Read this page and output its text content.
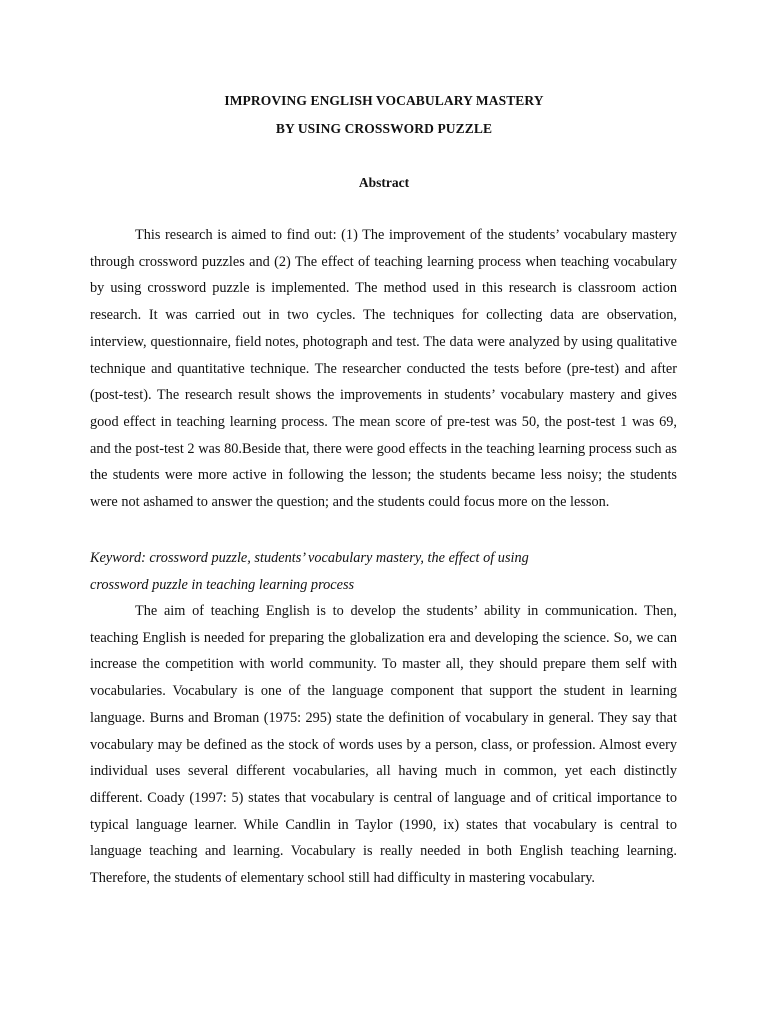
IMPROVING ENGLISH VOCABULARY MASTERY
BY USING CROSSWORD PUZZLE
Abstract

This research is aimed to find out: (1) The improvement of the students’ vocabulary mastery through crossword puzzles and (2) The effect of teaching learning process when teaching vocabulary by using crossword puzzle is implemented. The method used in this research is classroom action research. It was carried out in two cycles. The techniques for collecting data are observation, interview, questionnaire, field notes, photograph and test. The data were analyzed by using qualitative technique and quantitative technique. The researcher conducted the tests before (pre-test) and after (post-test). The research result shows the improvements in students’ vocabulary mastery and gives good effect in teaching learning process. The mean score of pre-test was 50, the post-test 1 was 69, and the post-test 2 was 80.Beside that, there were good effects in the teaching learning process such as the students were more active in following the lesson; the students became less noisy; the students were not ashamed to answer the question; and the students could focus more on the lesson.

Keyword: crossword puzzle, students’ vocabulary mastery, the effect of using
crossword puzzle in teaching learning process

The aim of teaching English is to develop the students’ ability in communication. Then, teaching English is needed for preparing the globalization era and developing the science. So, we can increase the competition with world community. To master all, they should prepare them self with vocabularies. Vocabulary is one of the language component that support the student in learning language. Burns and Broman (1975: 295) state the definition of vocabulary in general. They say that vocabulary may be defined as the stock of words uses by a person, class, or profession. Almost every individual uses several different vocabularies, all having much in common, yet each distinctly different. Coady (1997: 5) states that vocabulary is central of language and of critical importance to typical language learner. While Candlin in Taylor (1990, ix) states that vocabulary is central to language teaching and learning. Vocabulary is really needed in both English teaching learning. Therefore, the students of elementary school still had difficulty in mastering vocabulary.
